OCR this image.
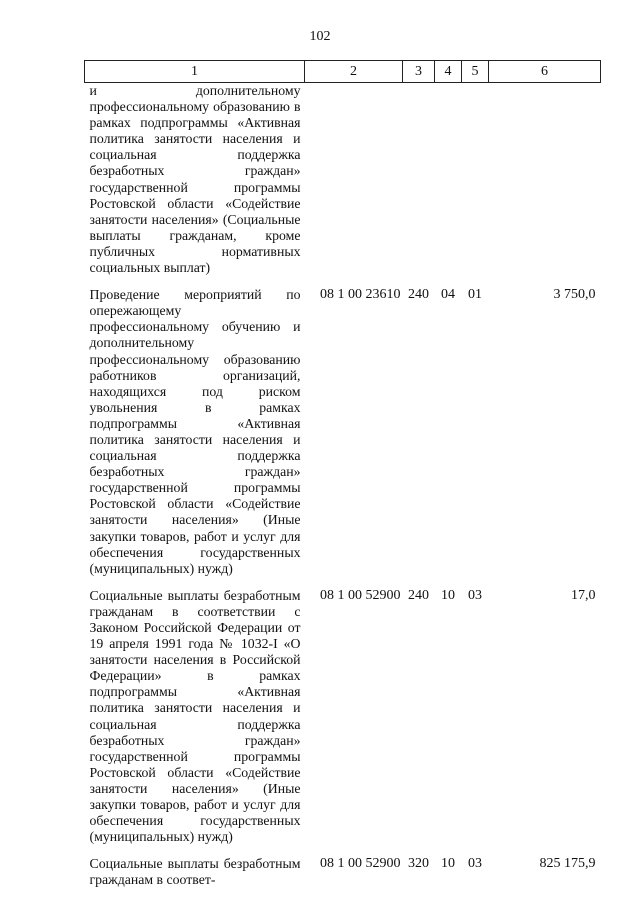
102
1	2	3	4	5	6
и дополнительному профессиональному образованию в рамках подпрограммы «Активная политика занятости населения и социальная поддержка безработных граждан» государственной программы Ростовской области «Содействие занятости населения» (Социальные выплаты гражданам, кроме публичных нормативных социальных выплат)					

Проведение мероприятий по опережающему профессиональному обучению и дополнительному профессиональному образованию работников организаций, находящихся под риском увольнения в рамках подпрограммы «Активная политика занятости населения и социальная поддержка безработных граждан» государственной программы Ростовской области «Содействие занятости населения» (Иные закупки товаров, работ и услуг для обеспечения государственных (муниципальных) нужд)	08 1 00 23610	240	04	01	3 750,0

Социальные выплаты безработным гражданам в соответствии с Законом Российской Федерации от 19 апреля 1991 года № 1032-I «О занятости населения в Российской Федерации» в рамках подпрограммы «Активная политика занятости населения и социальная поддержка безработных граждан» государственной программы Ростовской области «Содействие занятости населения» (Иные закупки товаров, работ и услуг для обеспечения государственных (муниципальных) нужд)	08 1 00 52900	240	10	03	17,0

Социальные выплаты безработным гражданам в соответ-	08 1 00 52900	320	10	03	825 175,9
